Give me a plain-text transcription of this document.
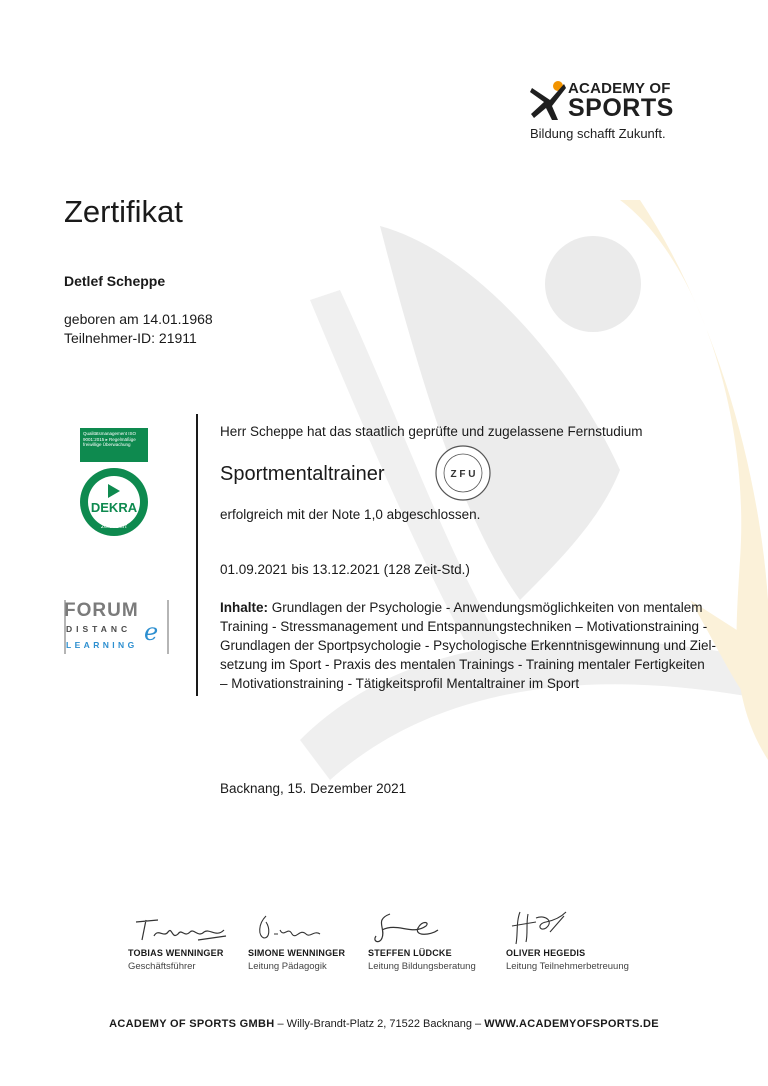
ACADEMY OF
SPORTS
Bildung schafft Zukunft.
Zertifikat
Detlef Scheppe
geboren am 14.01.1968
Teilnehmer-ID: 21911
Qualitätsmanagement ISO 9001:2015 ▸ Regelmäßige freiwillige Überwachung
DEKRA
zertifiziert
FORUM
DISTANC e
LEARNING
Herr Scheppe hat das staatlich geprüfte und zugelassene Fernstudium
Sportmentaltrainer	Z F U
erfolgreich mit der Note 1,0 abgeschlossen.
01.09.2021 bis 13.12.2021 (128 Zeit-Std.)
Inhalte: Grundlagen der Psychologie - Anwendungsmöglichkeiten von mentalem
Training - Stressmanagement und Entspannungstechniken – Motivationstraining -
Grundlagen der Sportpsychologie - Psychologische Erkenntnisgewinnung und Ziel-
setzung im Sport - Praxis des mentalen Trainings - Training mentaler Fertigkeiten
– Motivationstraining - Tätigkeitsprofil Mentaltrainer im Sport
Backnang, 15. Dezember 2021
TOBIAS WENNINGER
Geschäftsführer
SIMONE WENNINGER
Leitung Pädagogik
STEFFEN LÜDCKE
Leitung Bildungsberatung
OLIVER HEGEDIS
Leitung Teilnehmerbetreuung
ACADEMY OF SPORTS GMBH – Willy-Brandt-Platz 2, 71522 Backnang – WWW.ACADEMYOFSPORTS.DE
